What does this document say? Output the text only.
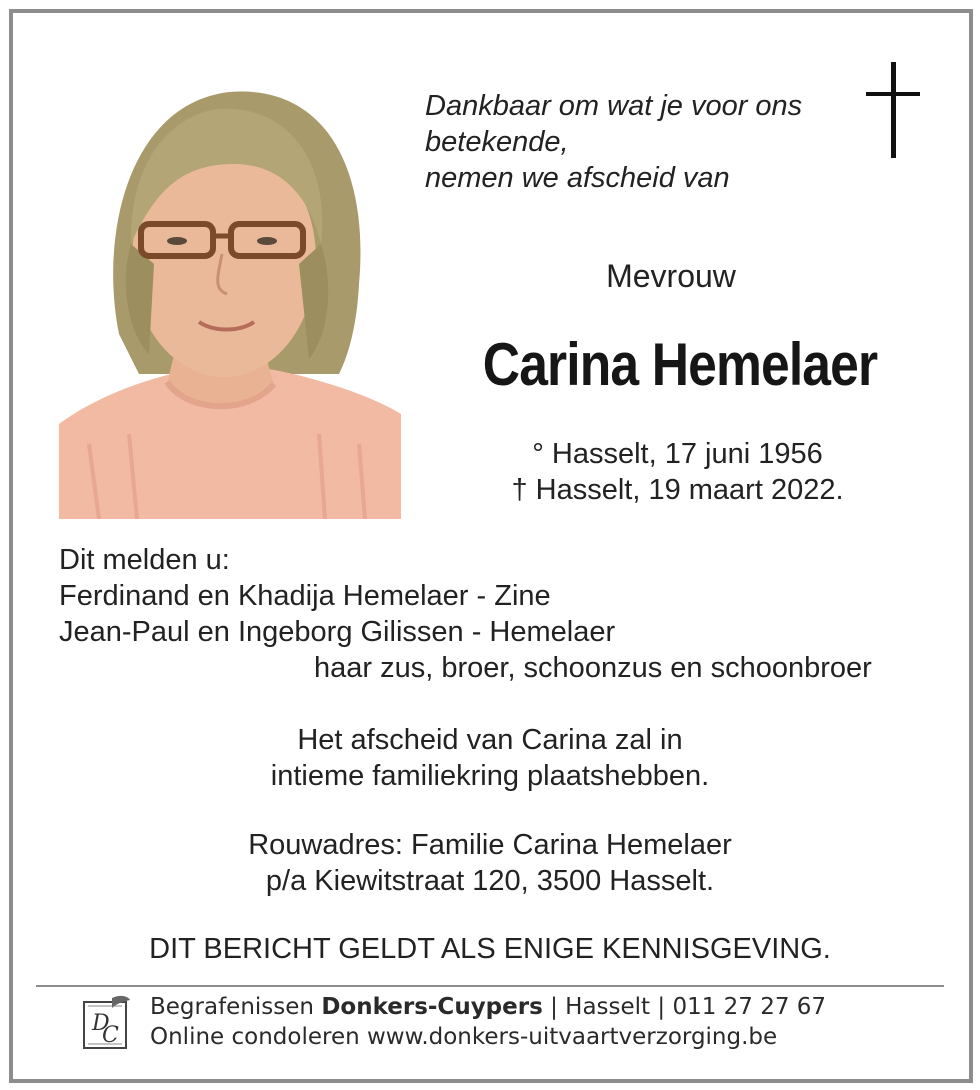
Dankbaar om wat je voor ons
betekende,
nemen we afscheid van
Mevrouw
Carina Hemelaer
° Hasselt, 17 juni 1956
† Hasselt, 19 maart 2022.
Dit melden u:
Ferdinand en Khadija Hemelaer - Zine
Jean-Paul en Ingeborg Gilissen - Hemelaer
haar zus, broer, schoonzus en schoonbroer
Het afscheid van Carina zal in
intieme familiekring plaatshebben.
Rouwadres: Familie Carina Hemelaer
p/a Kiewitstraat 120, 3500 Hasselt.
DIT BERICHT GELDT ALS ENIGE KENNISGEVING.
D
C
Begrafenissen Donkers-Cuypers | Hasselt | 011 27 27 67
Online condoleren www.donkers-uitvaartverzorging.be
